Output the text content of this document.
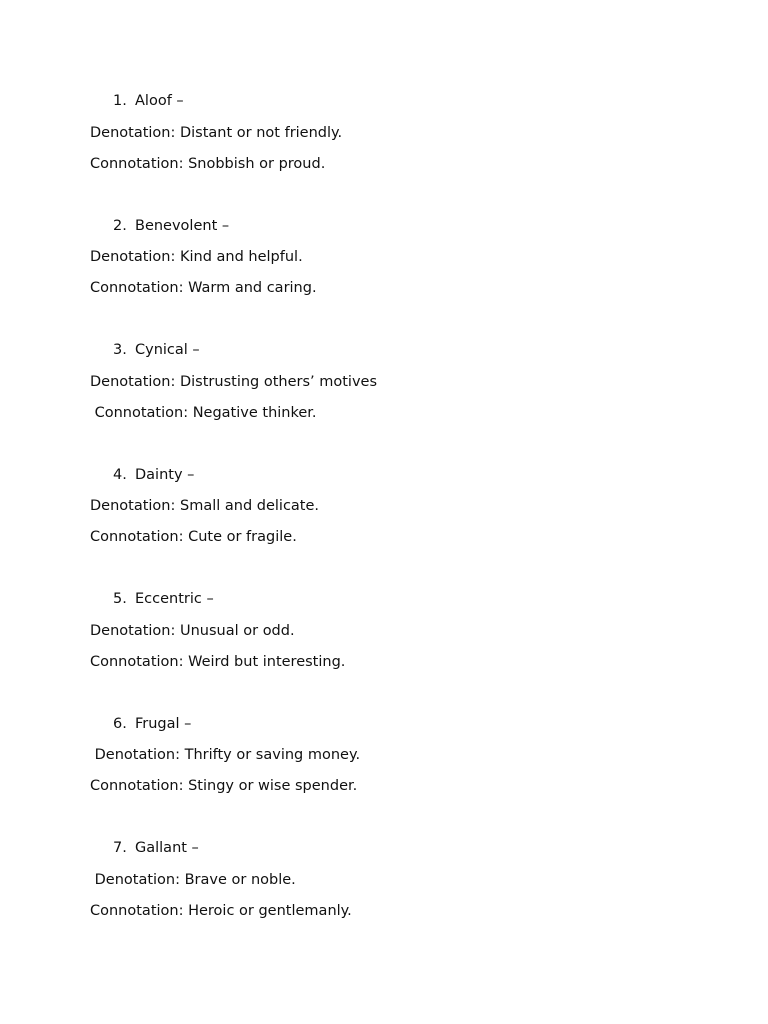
1. Aloof –
Denotation: Distant or not friendly.
Connotation: Snobbish or proud.
2. Benevolent –
Denotation: Kind and helpful.
Connotation: Warm and caring.
3. Cynical –
Denotation: Distrusting others’ motives
Connotation: Negative thinker.
4. Dainty –
Denotation: Small and delicate.
Connotation: Cute or fragile.
5. Eccentric –
Denotation: Unusual or odd.
Connotation: Weird but interesting.
6. Frugal –
Denotation: Thrifty or saving money.
Connotation: Stingy or wise spender.
7. Gallant –
Denotation: Brave or noble.
Connotation: Heroic or gentlemanly.
